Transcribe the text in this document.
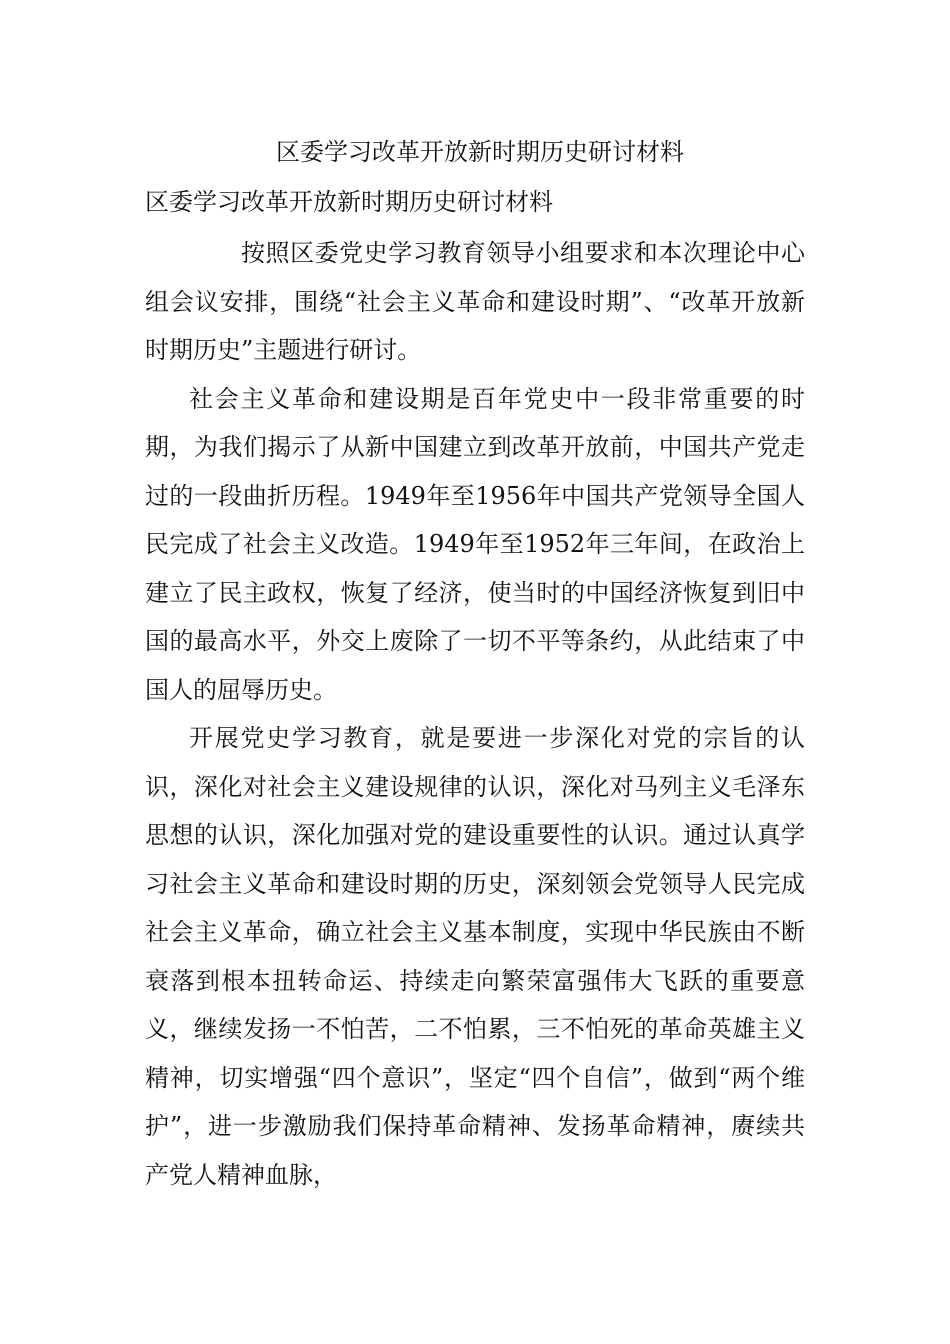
区委学习改革开放新时期历史研讨材料
区委学习改革开放新时期历史研讨材料

按照区委党史学习教育领导小组要求和本次理论中心组会议安排，围绕“社会主义革命和建设时期”、“改革开放新时期历史”主题进行研讨。

社会主义革命和建设期是百年党史中一段非常重要的时期，为我们揭示了从新中国建立到改革开放前，中国共产党走过的一段曲折历程。1949年至1956年中国共产党领导全国人民完成了社会主义改造。1949年至1952年三年间，在政治上建立了民主政权，恢复了经济，使当时的中国经济恢复到旧中国的最高水平，外交上废除了一切不平等条约，从此结束了中国人的屈辱历史。

开展党史学习教育，就是要进一步深化对党的宗旨的认识，深化对社会主义建设规律的认识，深化对马列主义毛泽东思想的认识，深化加强对党的建设重要性的认识。通过认真学习社会主义革命和建设时期的历史，深刻领会党领导人民完成社会主义革命，确立社会主义基本制度，实现中华民族由不断衰落到根本扭转命运、持续走向繁荣富强伟大飞跃的重要意义，继续发扬一不怕苦，二不怕累，三不怕死的革命英雄主义精神，切实增强“四个意识”，坚定“四个自信”，做到“两个维护”，进一步激励我们保持革命精神、发扬革命精神，赓续共产党人精神血脉，
